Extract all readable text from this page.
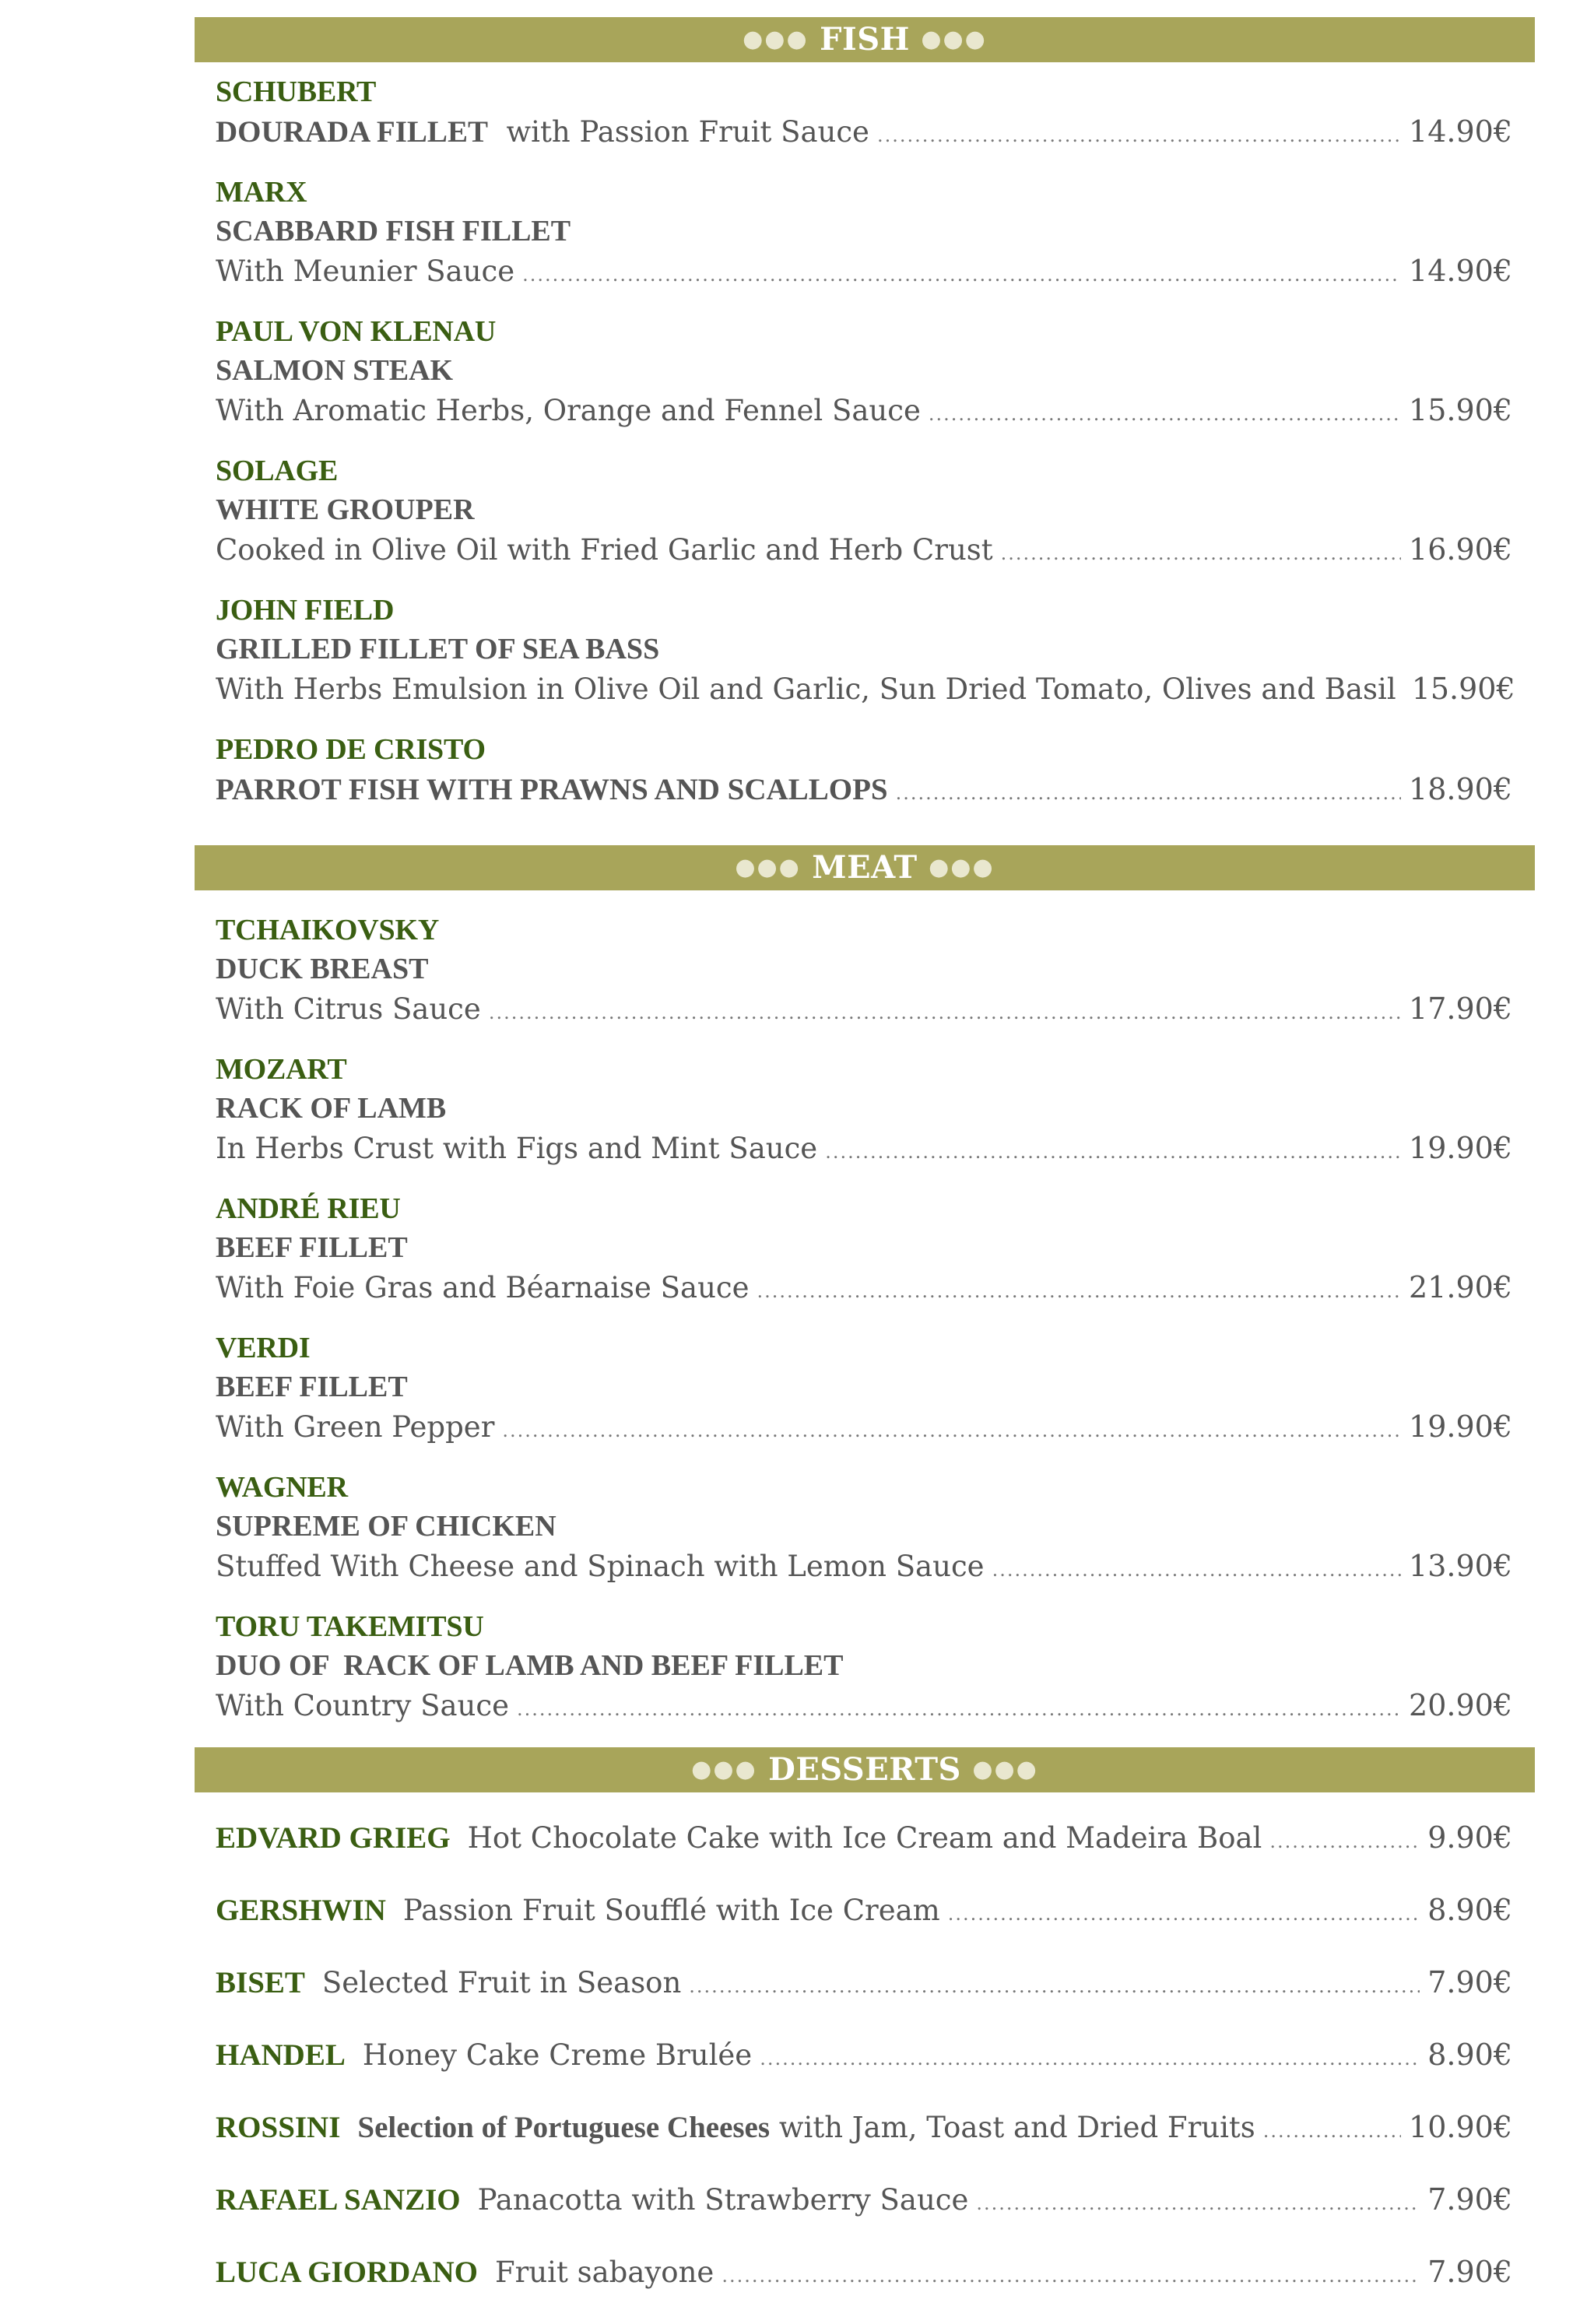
●●● FISH ●●●
SCHUBERT
DOURADA FILLET with Passion Fruit Sauce .....	14.90€
MARX
SCABBARD FISH FILLET
With Meunier Sauce .....	14.90€
PAUL VON KLENAU
SALMON STEAK
With Aromatic Herbs, Orange and Fennel Sauce .....	15.90€
SOLAGE
WHITE GROUPER
Cooked in Olive Oil with Fried Garlic and Herb Crust .....	16.90€
JOHN FIELD
GRILLED FILLET OF SEA BASS
With Herbs Emulsion in Olive Oil and Garlic, Sun Dried Tomato, Olives and Basil 15.90€
PEDRO DE CRISTO
PARROT FISH WITH PRAWNS AND SCALLOPS .....	18.90€
●●● MEAT ●●●
TCHAIKOVSKY
DUCK BREAST
With Citrus Sauce .....	17.90€
MOZART
RACK OF LAMB
In Herbs Crust with Figs and Mint Sauce .....	19.90€
ANDRÉ RIEU
BEEF FILLET
With Foie Gras and Béarnaise Sauce .....	21.90€
VERDI
BEEF FILLET
With Green Pepper .....	19.90€
WAGNER
SUPREME OF CHICKEN
Stuffed With Cheese and Spinach with Lemon Sauce .....	13.90€
TORU TAKEMITSU
DUO OF  RACK OF LAMB AND BEEF FILLET
With Country Sauce .....	20.90€
●●● DESSERTS ●●●
EDVARD GRIEG Hot Chocolate Cake with Ice Cream and Madeira Boal .....	9.90€
GERSHWIN Passion Fruit Soufflé with Ice Cream .....	8.90€
BISET Selected Fruit in Season .....	7.90€
HANDEL Honey Cake Creme Brulée .....	8.90€
ROSSINI Selection of Portuguese Cheeses with Jam, Toast and Dried Fruits .....	10.90€
RAFAEL SANZIO Panacotta with Strawberry Sauce .....	7.90€
LUCA GIORDANO Fruit sabayone .....	7.90€
